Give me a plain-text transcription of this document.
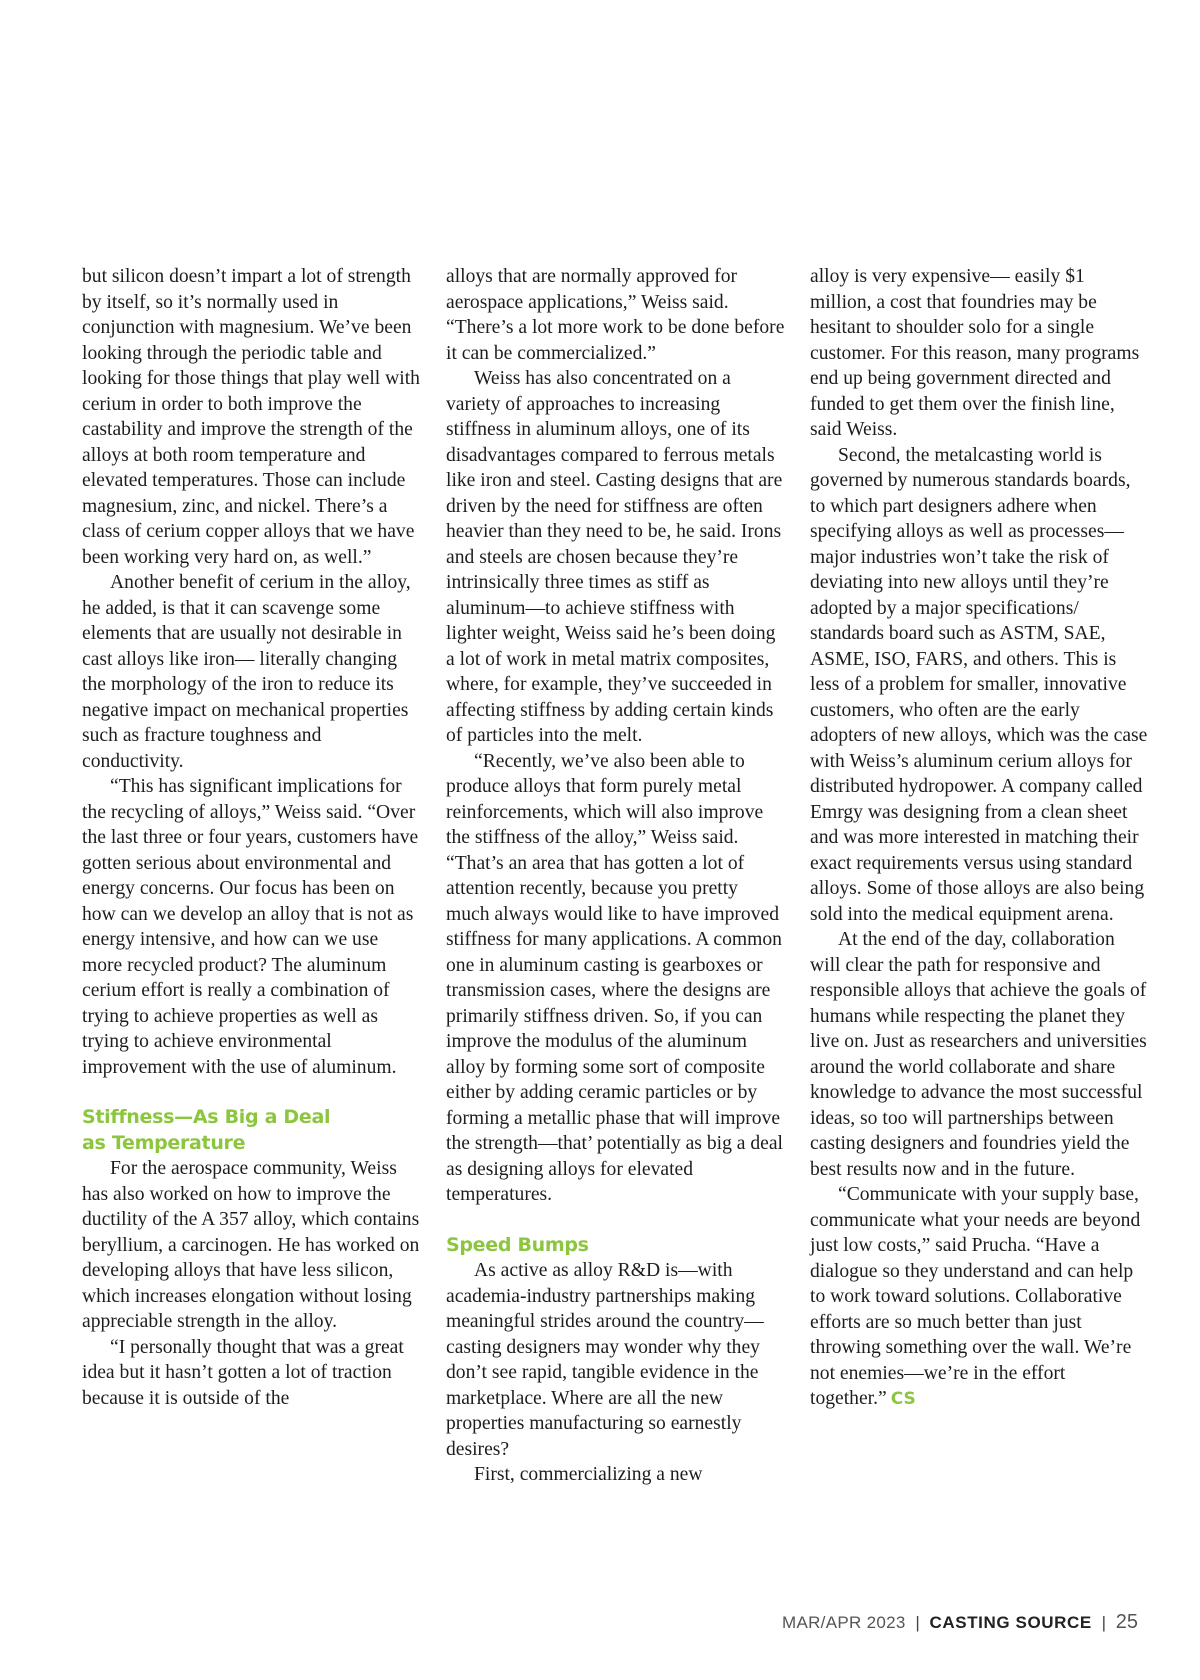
but silicon doesn’t impart a lot of strength by itself, so it’s normally used in conjunction with magnesium. We’ve been looking through the periodic table and looking for those things that play well with cerium in order to both improve the castability and improve the strength of the alloys at both room temperature and elevated temperatures. Those can include magnesium, zinc, and nickel. There’s a class of cerium copper alloys that we have been working very hard on, as well.”

Another benefit of cerium in the alloy, he added, is that it can scavenge some elements that are usually not desirable in cast alloys like iron— literally changing the morphology of the iron to reduce its negative impact on mechanical properties such as fracture toughness and conductivity.

“This has significant implications for the recycling of alloys,” Weiss said. “Over the last three or four years, customers have gotten serious about environmental and energy concerns. Our focus has been on how can we develop an alloy that is not as energy intensive, and how can we use more recycled product? The aluminum cerium effort is really a combination of trying to achieve properties as well as trying to achieve environmental improvement with the use of aluminum.

Stiffness—As Big a Deal
as Temperature

For the aerospace community, Weiss has also worked on how to improve the ductility of the A 357 alloy, which contains beryllium, a carcinogen. He has worked on developing alloys that have less silicon, which increases elongation without losing appreciable strength in the alloy.

“I personally thought that was a great idea but it hasn’t gotten a lot of traction because it is outside of the

alloys that are normally approved for aerospace applications,” Weiss said. “There’s a lot more work to be done before it can be commercialized.”

Weiss has also concentrated on a variety of approaches to increasing stiffness in aluminum alloys, one of its disadvantages compared to ferrous metals like iron and steel. Casting designs that are driven by the need for stiffness are often heavier than they need to be, he said. Irons and steels are chosen because they’re intrinsically three times as stiff as aluminum—to achieve stiffness with lighter weight, Weiss said he’s been doing a lot of work in metal matrix composites, where, for example, they’ve succeeded in affecting stiffness by adding certain kinds of particles into the melt.

“Recently, we’ve also been able to produce alloys that form purely metal reinforcements, which will also improve the stiffness of the alloy,” Weiss said. “That’s an area that has gotten a lot of attention recently, because you pretty much always would like to have improved stiffness for many applications. A common one in aluminum casting is gearboxes or transmission cases, where the designs are primarily stiffness driven. So, if you can improve the modulus of the aluminum alloy by forming some sort of composite either by adding ceramic particles or by forming a metallic phase that will improve the strength—that’ potentially as big a deal as designing alloys for elevated temperatures.

Speed Bumps

As active as alloy R&D is—with academia-industry partnerships making meaningful strides around the country—casting designers may wonder why they don’t see rapid, tangible evidence in the marketplace. Where are all the new properties manufacturing so earnestly desires?

First, commercializing a new

alloy is very expensive— easily $1 million, a cost that foundries may be hesitant to shoulder solo for a single customer. For this reason, many programs end up being government directed and funded to get them over the finish line, said Weiss.

Second, the metalcasting world is governed by numerous standards boards, to which part designers adhere when specifying alloys as well as processes—major industries won’t take the risk of deviating into new alloys until they’re adopted by a major specifications/ standards board such as ASTM, SAE, ASME, ISO, FARS, and others. This is less of a problem for smaller, innovative customers, who often are the early adopters of new alloys, which was the case with Weiss’s aluminum cerium alloys for distributed hydropower. A company called Emrgy was designing from a clean sheet and was more interested in matching their exact requirements versus using standard alloys. Some of those alloys are also being sold into the medical equipment arena.

At the end of the day, collaboration will clear the path for responsive and responsible alloys that achieve the goals of humans while respecting the planet they live on. Just as researchers and universities around the world collaborate and share knowledge to advance the most successful ideas, so too will partnerships between casting designers and foundries yield the best results now and in the future.

“Communicate with your supply base, communicate what your needs are beyond just low costs,” said Prucha. “Have a dialogue so they understand and can help to work toward solutions. Collaborative efforts are so much better than just throwing something over the wall. We’re not enemies—we’re in the effort together.” CS

MAR/APR 2023 | CASTING SOURCE | 25
